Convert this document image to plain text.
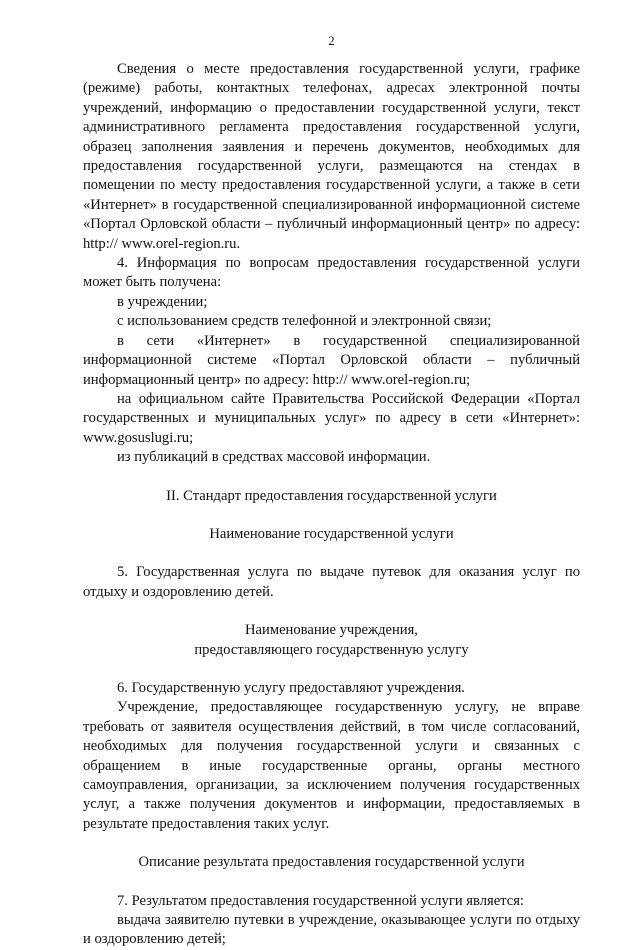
2

Сведения о месте предоставления государственной услуги, графике (режиме) работы, контактных телефонах, адресах электронной почты учреждений, информацию о предоставлении государственной услуги, текст административного регламента предоставления государственной услуги, образец заполнения заявления и перечень документов, необходимых для предоставления государственной услуги, размещаются на стендах в помещении по месту предоставления государственной услуги, а также в сети «Интернет» в государственной специализированной информационной системе «Портал Орловской области – публичный информационный центр» по адресу: http:// www.orel-region.ru.

4. Информация по вопросам предоставления государственной услуги может быть получена:

в учреждении;

с использованием средств телефонной и электронной связи;

в сети «Интернет» в государственной специализированной информационной системе «Портал Орловской области – публичный информационный центр» по адресу: http:// www.orel-region.ru;

на официальном сайте Правительства Российской Федерации «Портал государственных и муниципальных услуг» по адресу в сети «Интернет»: www.gosuslugi.ru;

из публикаций в средствах массовой информации.

II. Стандарт предоставления государственной услуги
Наименование государственной услуги

5. Государственная услуга по выдаче путевок для оказания услуг по отдыху и оздоровлению детей.

Наименование учреждения,
предоставляющего государственную услугу

6. Государственную услугу предоставляют учреждения.

Учреждение, предоставляющее государственную услугу, не вправе требовать от заявителя осуществления действий, в том числе согласований, необходимых для получения государственной услуги и связанных с обращением в иные государственные органы, органы местного самоуправления, организации, за исключением получения государственных услуг, а также получения документов и информации, предоставляемых в результате предоставления таких услуг.

Описание результата предоставления государственной услуги

7. Результатом предоставления государственной услуги является:

выдача заявителю путевки в учреждение, оказывающее услуги по отдыху и оздоровлению детей;
